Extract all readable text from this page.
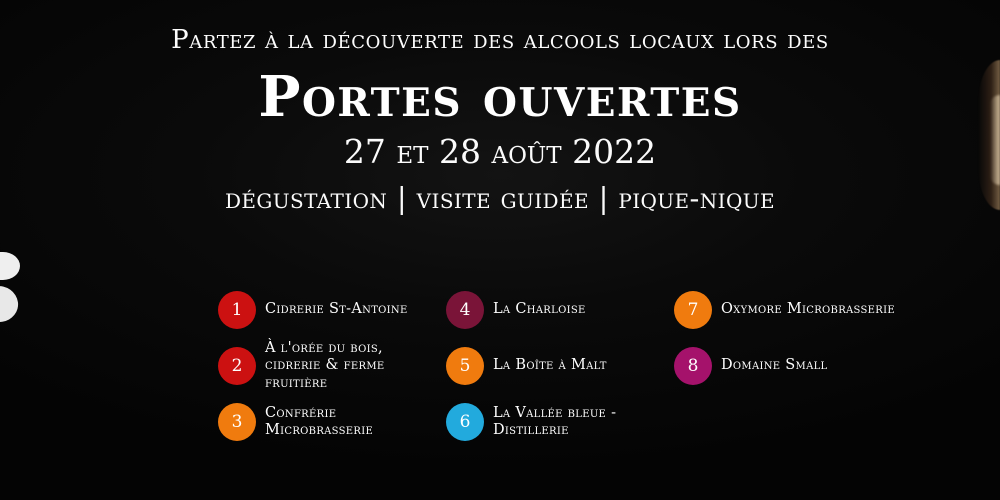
Partez à la découverte des alcools locaux lors des
Portes ouvertes
27 et 28 août 2022
dégustation | visite guidée | pique-nique
1	Cidrerie St-Antoine	4	La Charloise	7	Oxymore Microbrasserie
2
À l'orée du bois, cidrerie & ferme fruitière
5	La Boîte à Malt	8	Domaine Small
3	Confrérie Microbrasserie	6	La Vallée bleue - Distillerie
